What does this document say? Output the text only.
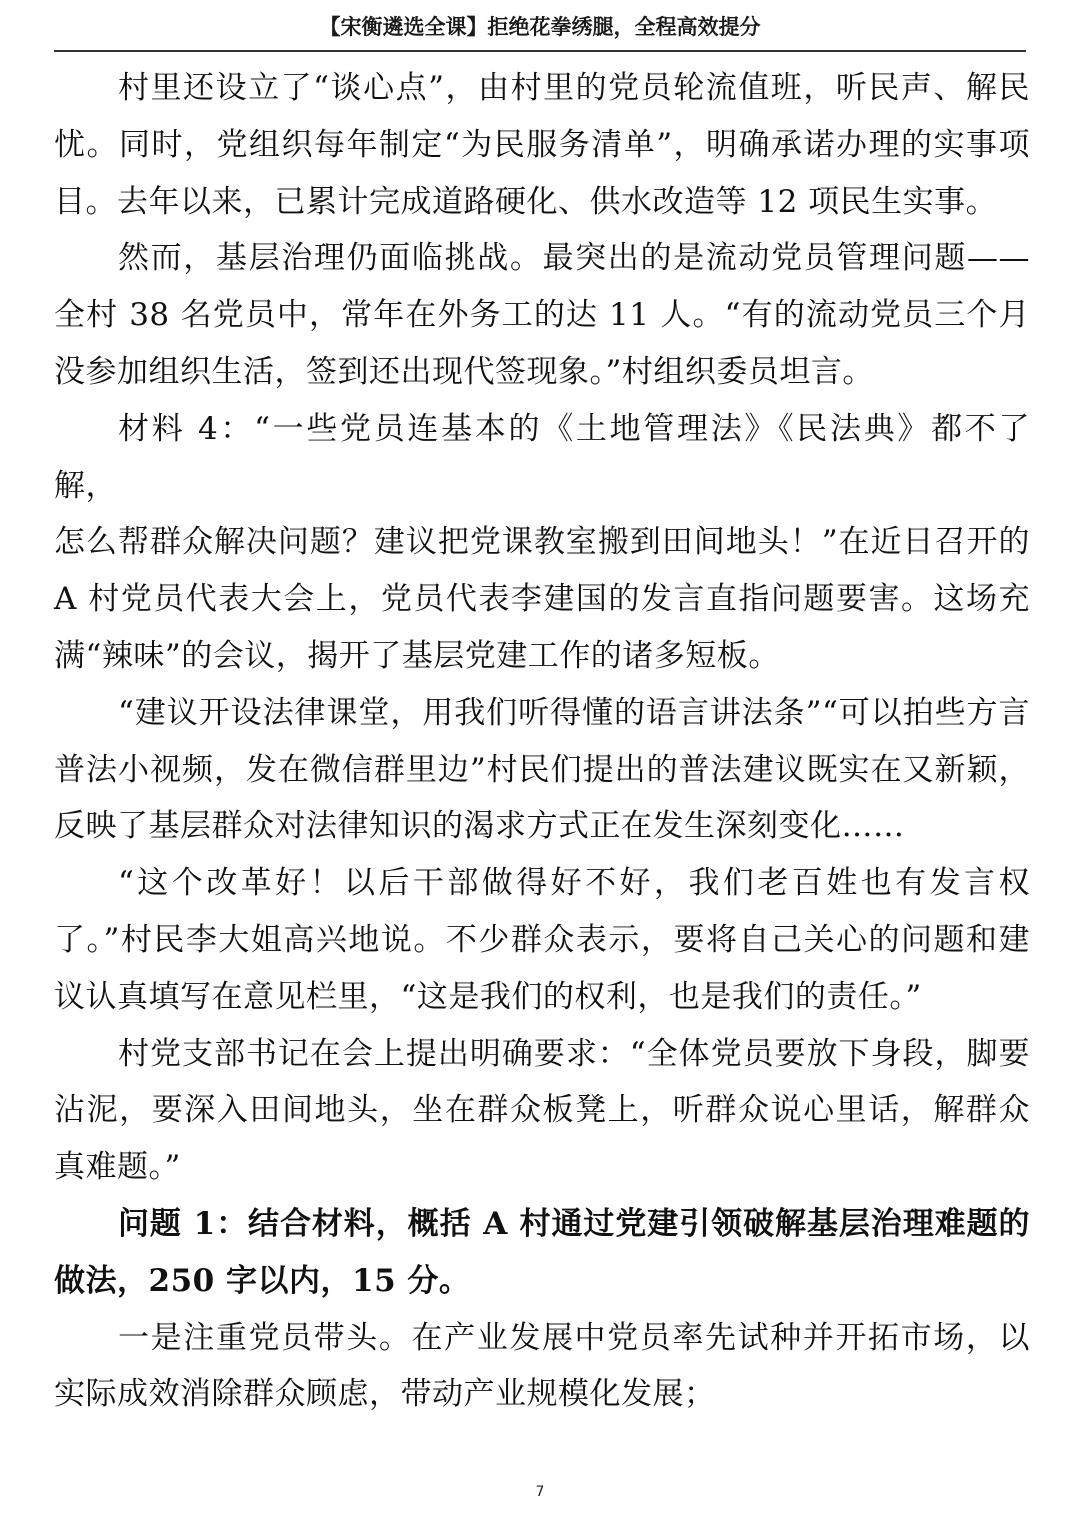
【宋衡遴选全课】拒绝花拳绣腿，全程高效提分

村里还设立了“谈心点”，由村里的党员轮流值班，听民声、解民忧。同时，党组织每年制定“为民服务清单”，明确承诺办理的实事项目。去年以来，已累计完成道路硬化、供水改造等 12 项民生实事。

然而，基层治理仍面临挑战。最突出的是流动党员管理问题——全村 38 名党员中，常年在外务工的达 11 人。“有的流动党员三个月没参加组织生活，签到还出现代签现象。”村组织委员坦言。

材料 4：“一些党员连基本的《土地管理法》《民法典》都不了解，

怎么帮群众解决问题？建议把党课教室搬到田间地头！”在近日召开的 A 村党员代表大会上，党员代表李建国的发言直指问题要害。这场充满“辣味”的会议，揭开了基层党建工作的诸多短板。

“建议开设法律课堂，用我们听得懂的语言讲法条”“可以拍些方言普法小视频，发在微信群里边”村民们提出的普法建议既实在又新颖，反映了基层群众对法律知识的渴求方式正在发生深刻变化……

“这个改革好！以后干部做得好不好，我们老百姓也有发言权了。”村民李大姐高兴地说。不少群众表示，要将自己关心的问题和建议认真填写在意见栏里，“这是我们的权利，也是我们的责任。”

村党支部书记在会上提出明确要求：“全体党员要放下身段，脚要沾泥，要深入田间地头，坐在群众板凳上，听群众说心里话，解群众真难题。”

问题 1：结合材料，概括 A 村通过党建引领破解基层治理难题的做法，250 字以内，15 分。

一是注重党员带头。在产业发展中党员率先试种并开拓市场，以实际成效消除群众顾虑，带动产业规模化发展；

7
